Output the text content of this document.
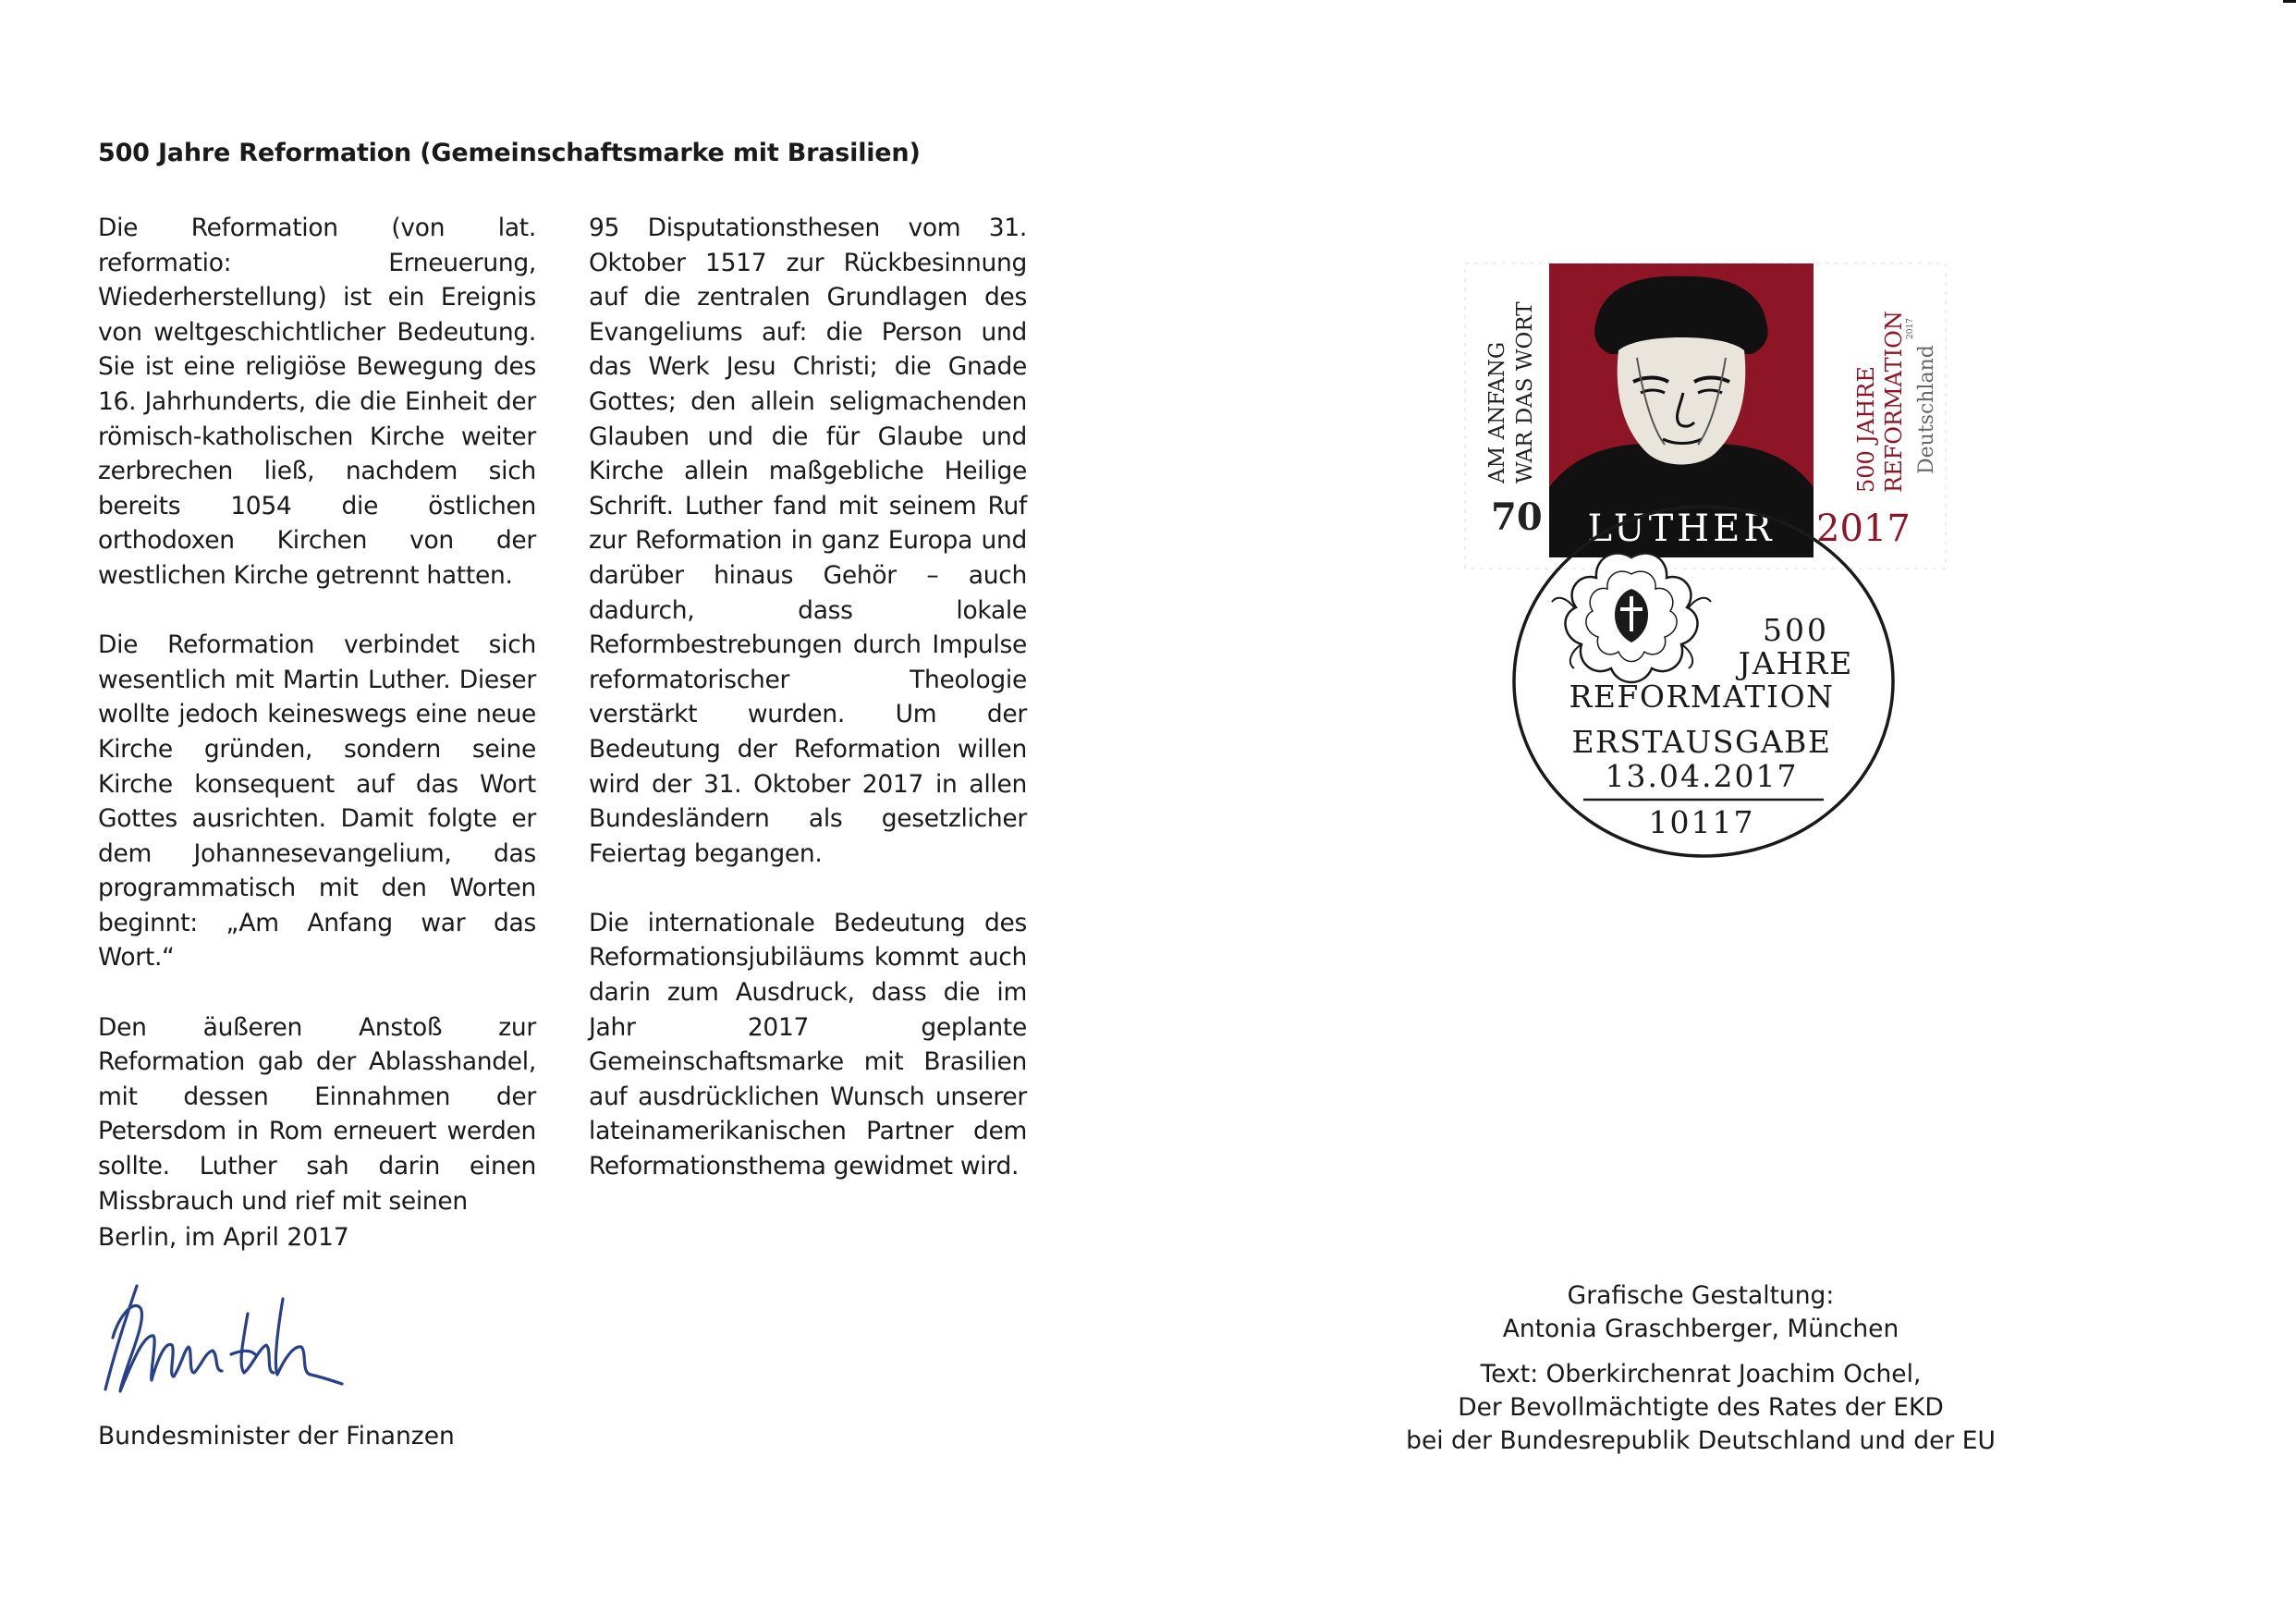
500 Jahre Reformation (Gemeinschaftsmarke mit Brasilien)

Die Reformation (von lat. reformatio: Erneuerung, Wiederherstellung) ist ein Ereignis von weltgeschichtlicher Bedeutung. Sie ist eine religiöse Bewegung des 16. Jahrhunderts, die die Einheit der römisch-katholischen Kirche weiter zerbrechen ließ, nachdem sich bereits 1054 die östlichen orthodoxen Kirchen von der westlichen Kirche getrennt hatten.

Die Reformation verbindet sich wesentlich mit Martin Luther. Dieser wollte jedoch keineswegs eine neue Kirche gründen, sondern seine Kirche konsequent auf das Wort Gottes ausrichten. Damit folgte er dem Johannesevangelium, das programmatisch mit den Worten beginnt: „Am Anfang war das Wort.“

Den äußeren Anstoß zur Reformation gab der Ablasshandel, mit dessen Einnahmen der Petersdom in Rom erneuert werden sollte. Luther sah darin einen Missbrauch und rief mit seinen

95 Disputationsthesen vom 31. Oktober 1517 zur Rückbesinnung auf die zentralen Grundlagen des Evangeliums auf: die Person und das Werk Jesu Christi; die Gnade Gottes; den allein seligmachenden Glauben und die für Glaube und Kirche allein maßgebliche Heilige Schrift. Luther fand mit seinem Ruf zur Reformation in ganz Europa und darüber hinaus Gehör – auch dadurch, dass lokale Reformbestrebungen durch Impulse reformatorischer Theologie verstärkt wurden. Um der Bedeutung der Reformation willen wird der 31. Oktober 2017 in allen Bundesländern als gesetzlicher Feiertag begangen.

Die internationale Bedeutung des Reformationsjubiläums kommt auch darin zum Ausdruck, dass die im Jahr 2017 geplante Gemeinschaftsmarke mit Brasilien auf ausdrücklichen Wunsch unserer lateinamerikanischen Partner dem Reformationsthema gewidmet wird.

Berlin, im April 2017
Bundesminister der Finanzen
Grafische Gestaltung:
Antonia Graschberger, München
Text: Oberkirchenrat Joachim Ochel,
Der Bevollmächtigte des Rates der EKD
bei der Bundesrepublik Deutschland und der EU
LUTHER
AM ANFANG WAR DAS WORT
70
500 JAHRE REFORMATION 2017
Deutschland
2017
500
JAHRE
REFORMATION
ERSTAUSGABE
13.04.2017
10117
